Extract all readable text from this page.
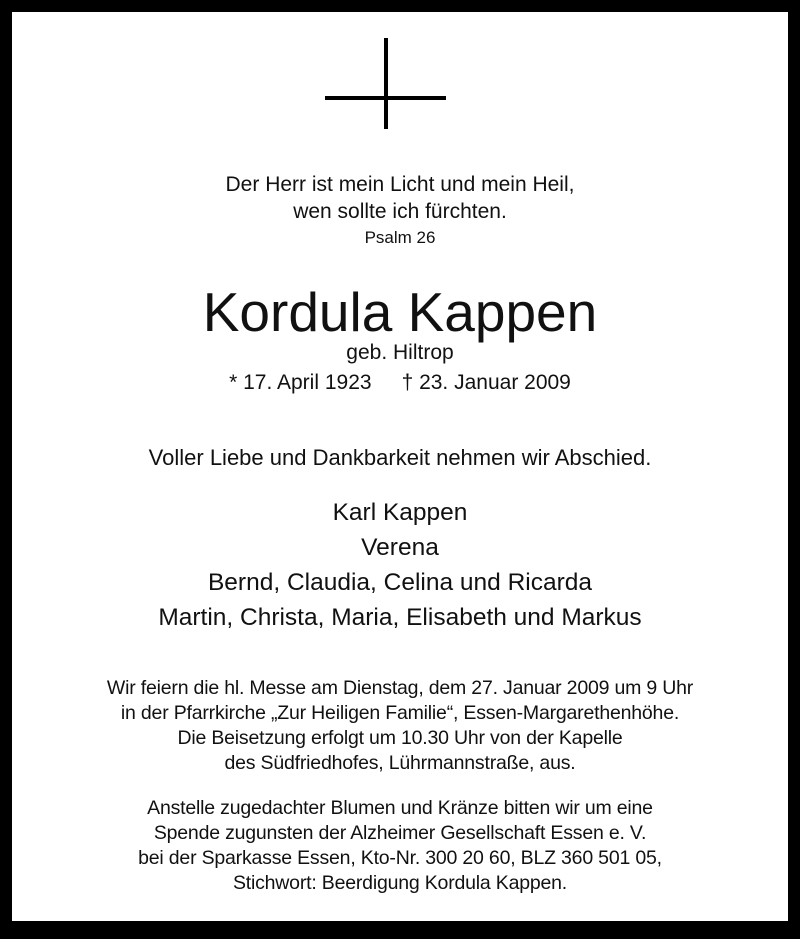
Der Herr ist mein Licht und mein Heil,
wen sollte ich fürchten.
Psalm 26
Kordula Kappen
geb. Hiltrop
* 17. April 1923 † 23. Januar 2009
Voller Liebe und Dankbarkeit nehmen wir Abschied.
Karl Kappen
Verena
Bernd, Claudia, Celina und Ricarda
Martin, Christa, Maria, Elisabeth und Markus
Wir feiern die hl. Messe am Dienstag, dem 27. Januar 2009 um 9 Uhr
in der Pfarrkirche „Zur Heiligen Familie“, Essen-Margarethenhöhe.
Die Beisetzung erfolgt um 10.30 Uhr von der Kapelle
des Südfriedhofes, Lührmannstraße, aus.
Anstelle zugedachter Blumen und Kränze bitten wir um eine
Spende zugunsten der Alzheimer Gesellschaft Essen e. V.
bei der Sparkasse Essen, Kto-Nr. 300 20 60, BLZ 360 501 05,
Stichwort: Beerdigung Kordula Kappen.
